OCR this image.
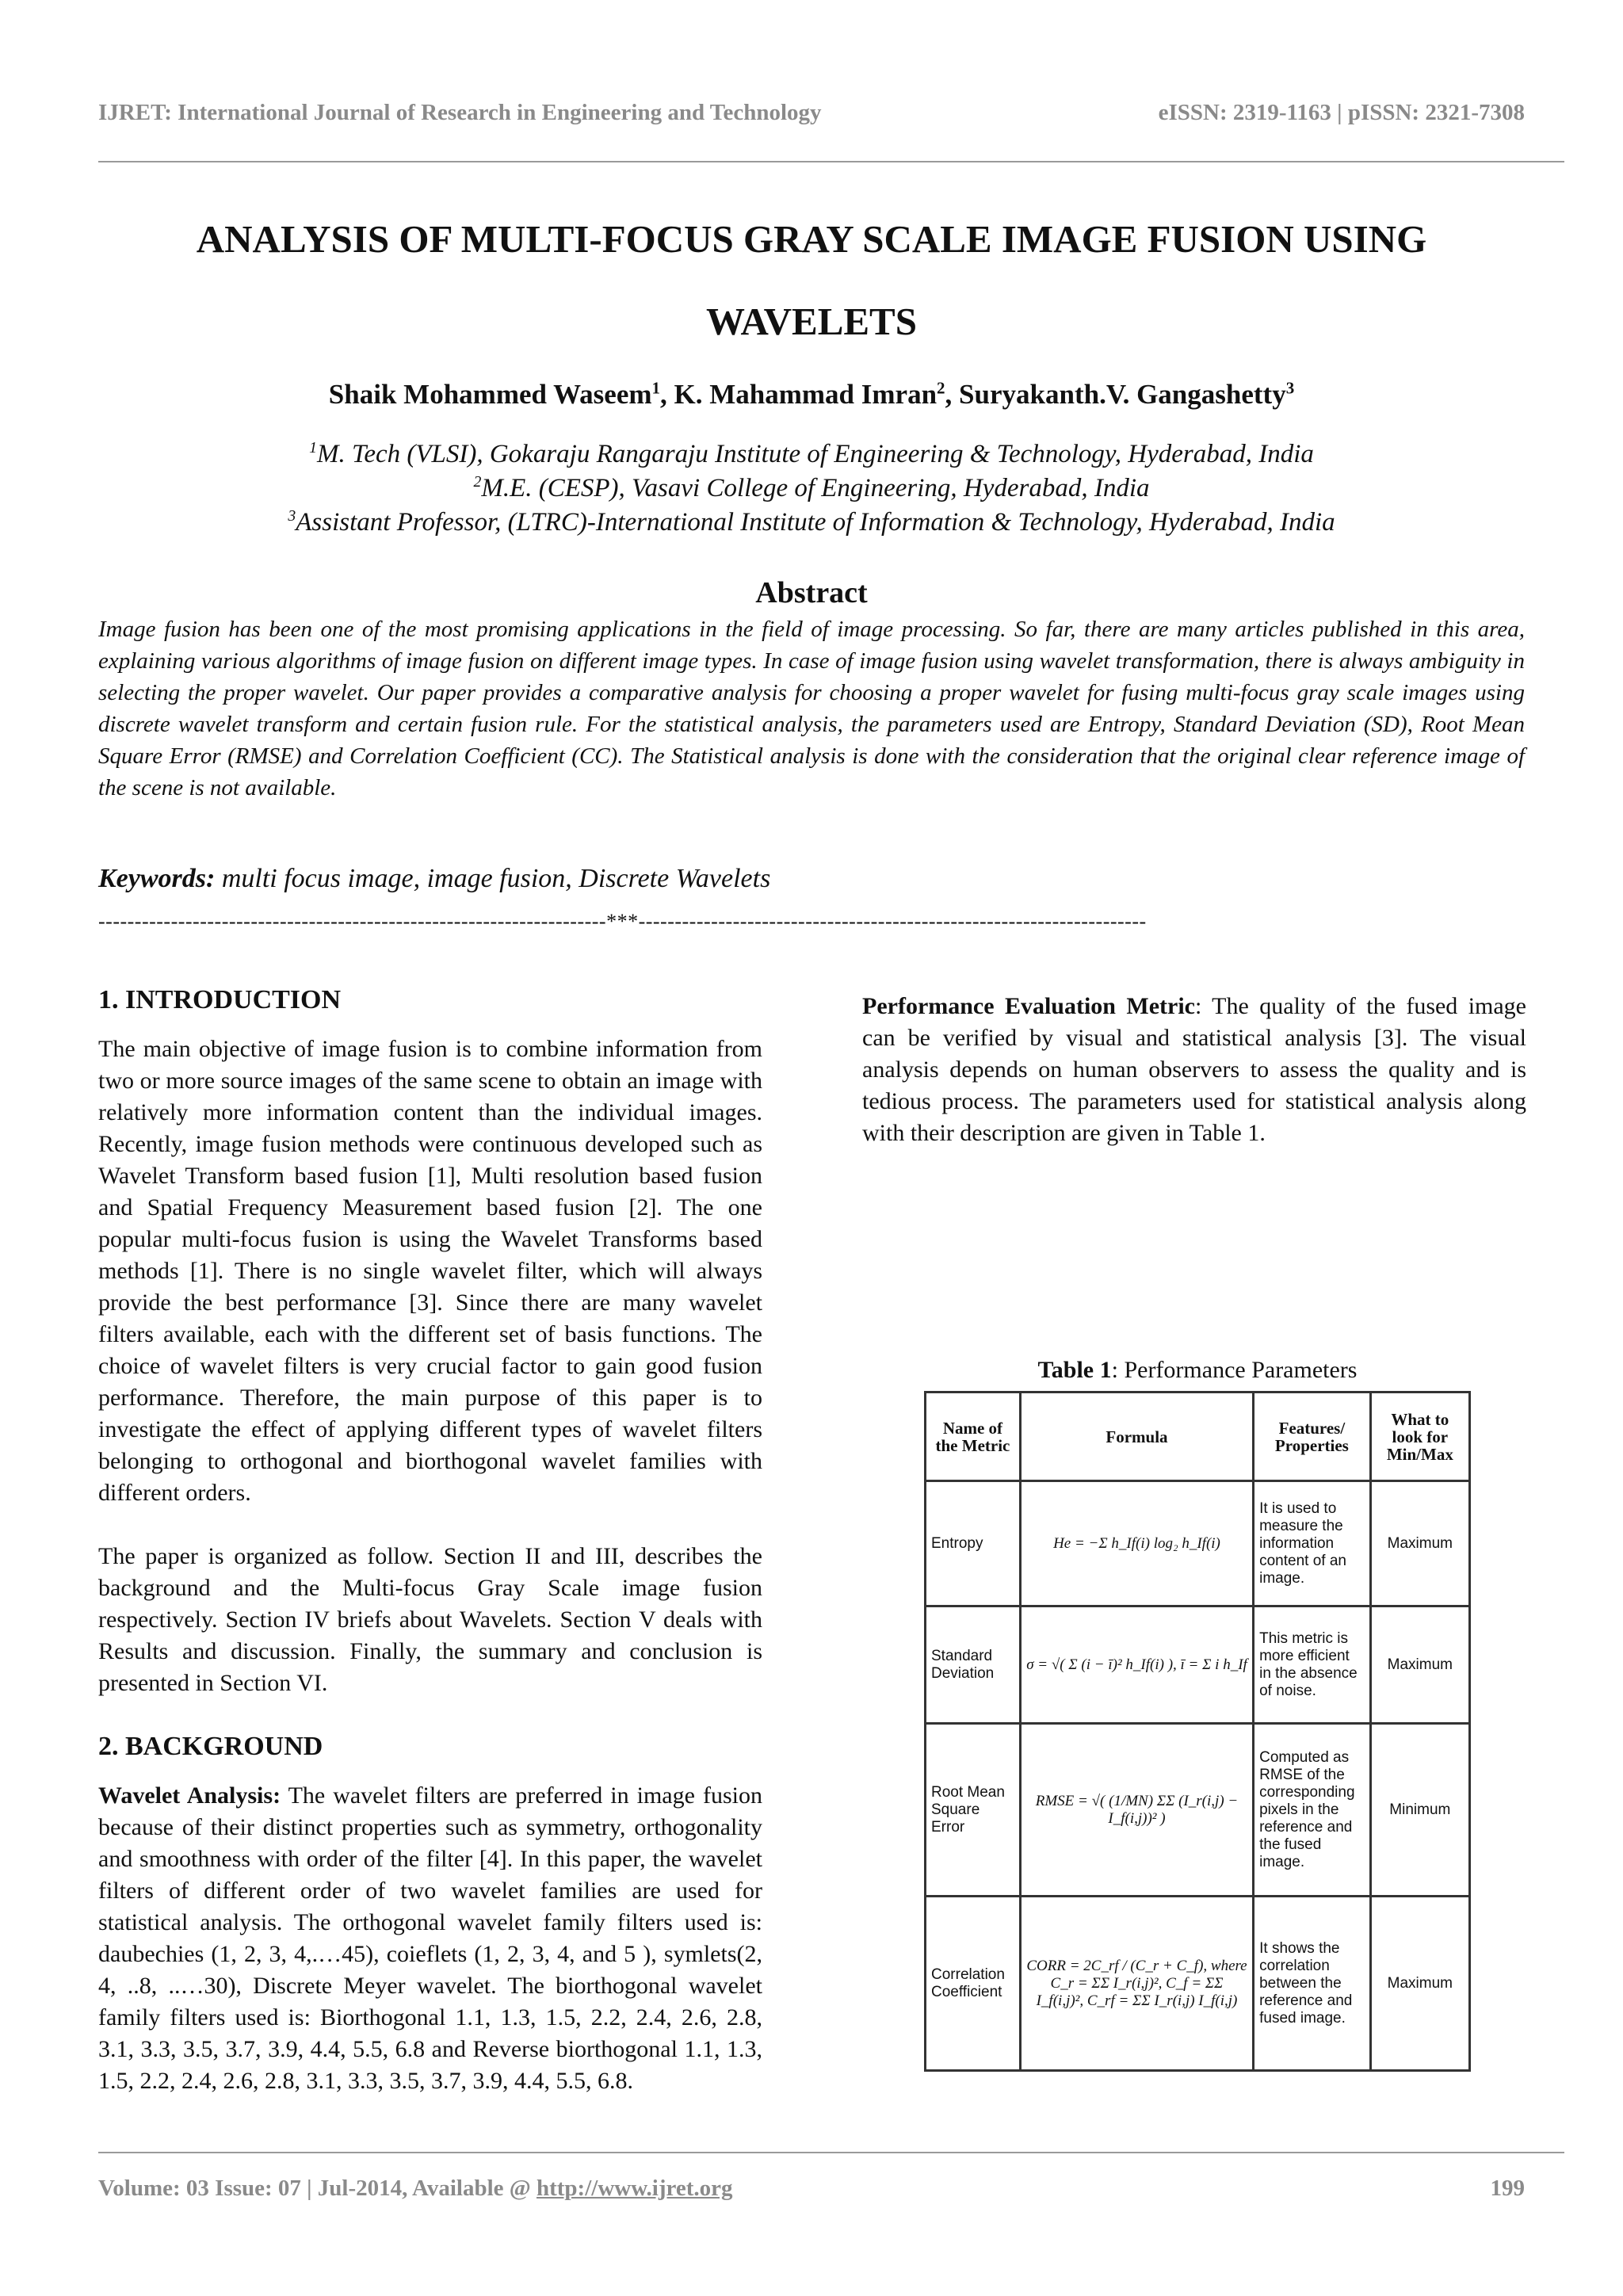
IJRET: International Journal of Research in Engineering and Technology	eISSN: 2319-1163 | pISSN: 2321-7308
ANALYSIS OF MULTI-FOCUS GRAY SCALE IMAGE FUSION USING WAVELETS
Shaik Mohammed Waseem$^1$, K. Mahammad Imran$^2$, Suryakanth.V. Gangashetty$^3$
$^1$M. Tech (VLSI), Gokaraju Rangaraju Institute of Engineering & Technology, Hyderabad, India
$^2$M.E. (CESP), Vasavi College of Engineering, Hyderabad, India
$^3$Assistant Professor, (LTRC)-International Institute of Information & Technology, Hyderabad, India
Abstract
Image fusion has been one of the most promising applications in the field of image processing. So far, there are many articles published in this area, explaining various algorithms of image fusion on different image types. In case of image fusion using wavelet transformation, there is always ambiguity in selecting the proper wavelet. Our paper provides a comparative analysis for choosing a proper wavelet for fusing multi-focus gray scale images using discrete wavelet transform and certain fusion rule. For the statistical analysis, the parameters used are Entropy, Standard Deviation (SD), Root Mean Square Error (RMSE) and Correlation Coefficient (CC). The Statistical analysis is done with the consideration that the original clear reference image of the scene is not available.
Keywords: multi focus image, image fusion, Discrete Wavelets
----------------------------------------------------------------------***----------------------------------------------------------------------
1. INTRODUCTION

The main objective of image fusion is to combine information from two or more source images of the same scene to obtain an image with relatively more information content than the individual images. Recently, image fusion methods were continuous developed such as Wavelet Transform based fusion [1], Multi resolution based fusion and Spatial Frequency Measurement based fusion [2]. The one popular multi-focus fusion is using the Wavelet Transforms based methods [1]. There is no single wavelet filter, which will always provide the best performance [3]. Since there are many wavelet filters available, each with the different set of basis functions. The choice of wavelet filters is very crucial factor to gain good fusion performance. Therefore, the main purpose of this paper is to investigate the effect of applying different types of wavelet filters belonging to orthogonal and biorthogonal wavelet families with different orders.

The paper is organized as follow. Section II and III, describes the background and the Multi-focus Gray Scale image fusion respectively. Section IV briefs about Wavelets. Section V deals with Results and discussion. Finally, the summary and conclusion is presented in Section VI.

2. BACKGROUND

Wavelet Analysis: The wavelet filters are preferred in image fusion because of their distinct properties such as symmetry, orthogonality and smoothness with order of the filter [4]. In this paper, the wavelet filters of different order of two wavelet families are used for statistical analysis. The orthogonal wavelet family filters used is: daubechies (1, 2, 3, 4,.…45), coieflets (1, 2, 3, 4, and 5 ), symlets(2, 4, ..8, ..…30), Discrete Meyer wavelet. The biorthogonal wavelet family filters used is: Biorthogonal 1.1, 1.3, 1.5, 2.2, 2.4, 2.6, 2.8, 3.1, 3.3, 3.5, 3.7, 3.9, 4.4, 5.5, 6.8 and Reverse biorthogonal 1.1, 1.3, 1.5, 2.2, 2.4, 2.6, 2.8, 3.1, 3.3, 3.5, 3.7, 3.9, 4.4, 5.5, 6.8.

Performance Evaluation Metric: The quality of the fused image can be verified by visual and statistical analysis [3]. The visual analysis depends on human observers to assess the quality and is tedious process. The parameters used for statistical analysis along with their description are given in Table 1.

Table 1: Performance Parameters
Name of the Metric	Formula	Features/ Properties	What to look for Min/Max
Entropy	He = −Σ h_If(i) log₂ h_If(i)	It is used to measure the information content of an image.	Maximum
Standard Deviation	σ = √( Σ (i − ī)² h_If(i) ), ī = Σ i h_If	This metric is more efficient in the absence of noise.	Maximum
Root Mean Square Error	RMSE = √( (1/MN) ΣΣ (I_r(i,j) − I_f(i,j))² )	Computed as RMSE of the corresponding pixels in the reference and the fused image.	Minimum
Correlation Coefficient	CORR = 2C_rf / (C_r + C_f), where C_r = ΣΣ I_r(i,j)², C_f = ΣΣ I_f(i,j)², C_rf = ΣΣ I_r(i,j) I_f(i,j)	It shows the correlation between the reference and fused image.	Maximum
Volume: 03 Issue: 07 | Jul-2014, Available @ http://www.ijret.org	199
